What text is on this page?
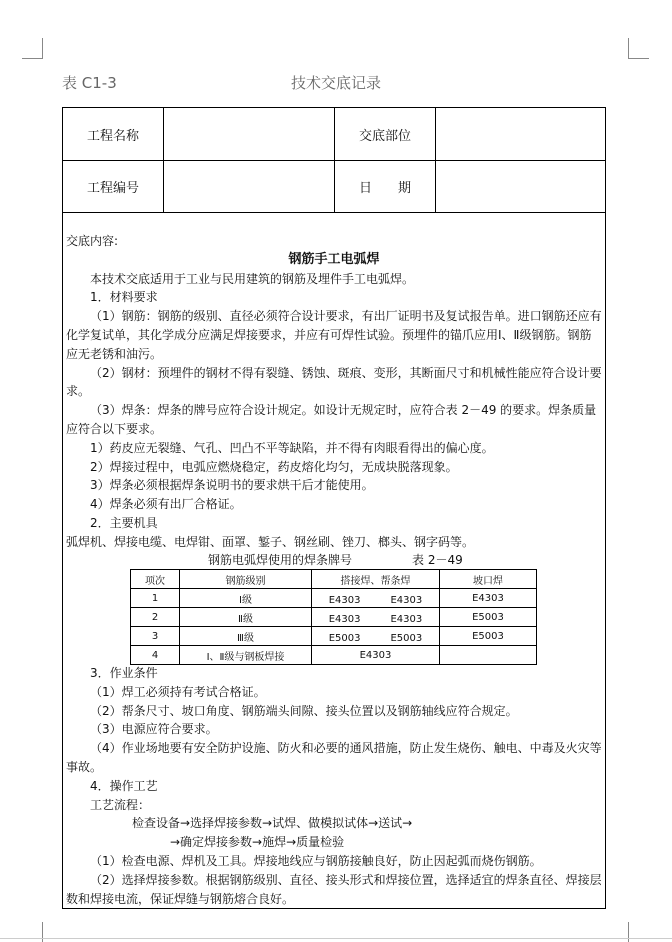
表 C1-3	技术交底记录
工程名称	交底部位
工程编号	日　　期

交底内容:

钢筋手工电弧焊

本技术交底适用于工业与民用建筑的钢筋及埋件手工电弧焊。

1．材料要求

（1）钢筋：钢筋的级别、直径必须符合设计要求，有出厂证明书及复试报告单。进口钢筋还应有化学复试单，其化学成分应满足焊接要求，并应有可焊性试验。预埋件的锚爪应用Ⅰ、Ⅱ级钢筋。钢筋应无老锈和油污。

（2）钢材：预埋件的钢材不得有裂缝、锈蚀、斑痕、变形，其断面尺寸和机械性能应符合设计要求。

（3）焊条：焊条的牌号应符合设计规定。如设计无规定时，应符合表 2－49 的要求。焊条质量应符合以下要求。

1）药皮应无裂缝、气孔、凹凸不平等缺陷，并不得有肉眼看得出的偏心度。

2）焊接过程中，电弧应燃烧稳定，药皮熔化均匀，无成块脱落现象。

3）焊条必须根据焊条说明书的要求烘干后才能使用。

4）焊条必须有出厂合格证。

2．主要机具

弧焊机、焊接电缆、电焊钳、面罩、錾子、钢丝刷、锉刀、榔头、钢字码等。

钢筋电弧焊使用的焊条牌号	表 2－49
项次	钢筋级别	搭接焊、帮条焊	坡口焊
1	Ⅰ级	E4303　　　E4303	E4303
2	Ⅱ级	E4303　　　E4303	E5003
3	Ⅲ级	E5003　　　E5003	E5003
4	Ⅰ、Ⅱ级与钢板焊接	E4303	

3．作业条件

（1）焊工必须持有考试合格证。

（2）帮条尺寸、坡口角度、钢筋端头间隙、接头位置以及钢筋轴线应符合规定。

（3）电源应符合要求。

（4）作业场地要有安全防护设施、防火和必要的通风措施，防止发生烧伤、触电、中毒及火灾等事故。

4．操作工艺

工艺流程：

检查设备→选择焊接参数→试焊、做模拟试体→送试→

→确定焊接参数→施焊→质量检验

（1）检查电源、焊机及工具。焊接地线应与钢筋接触良好，防止因起弧而烧伤钢筋。

（2）选择焊接参数。根据钢筋级别、直径、接头形式和焊接位置，选择适宜的焊条直径、焊接层数和焊接电流，保证焊缝与钢筋熔合良好。
